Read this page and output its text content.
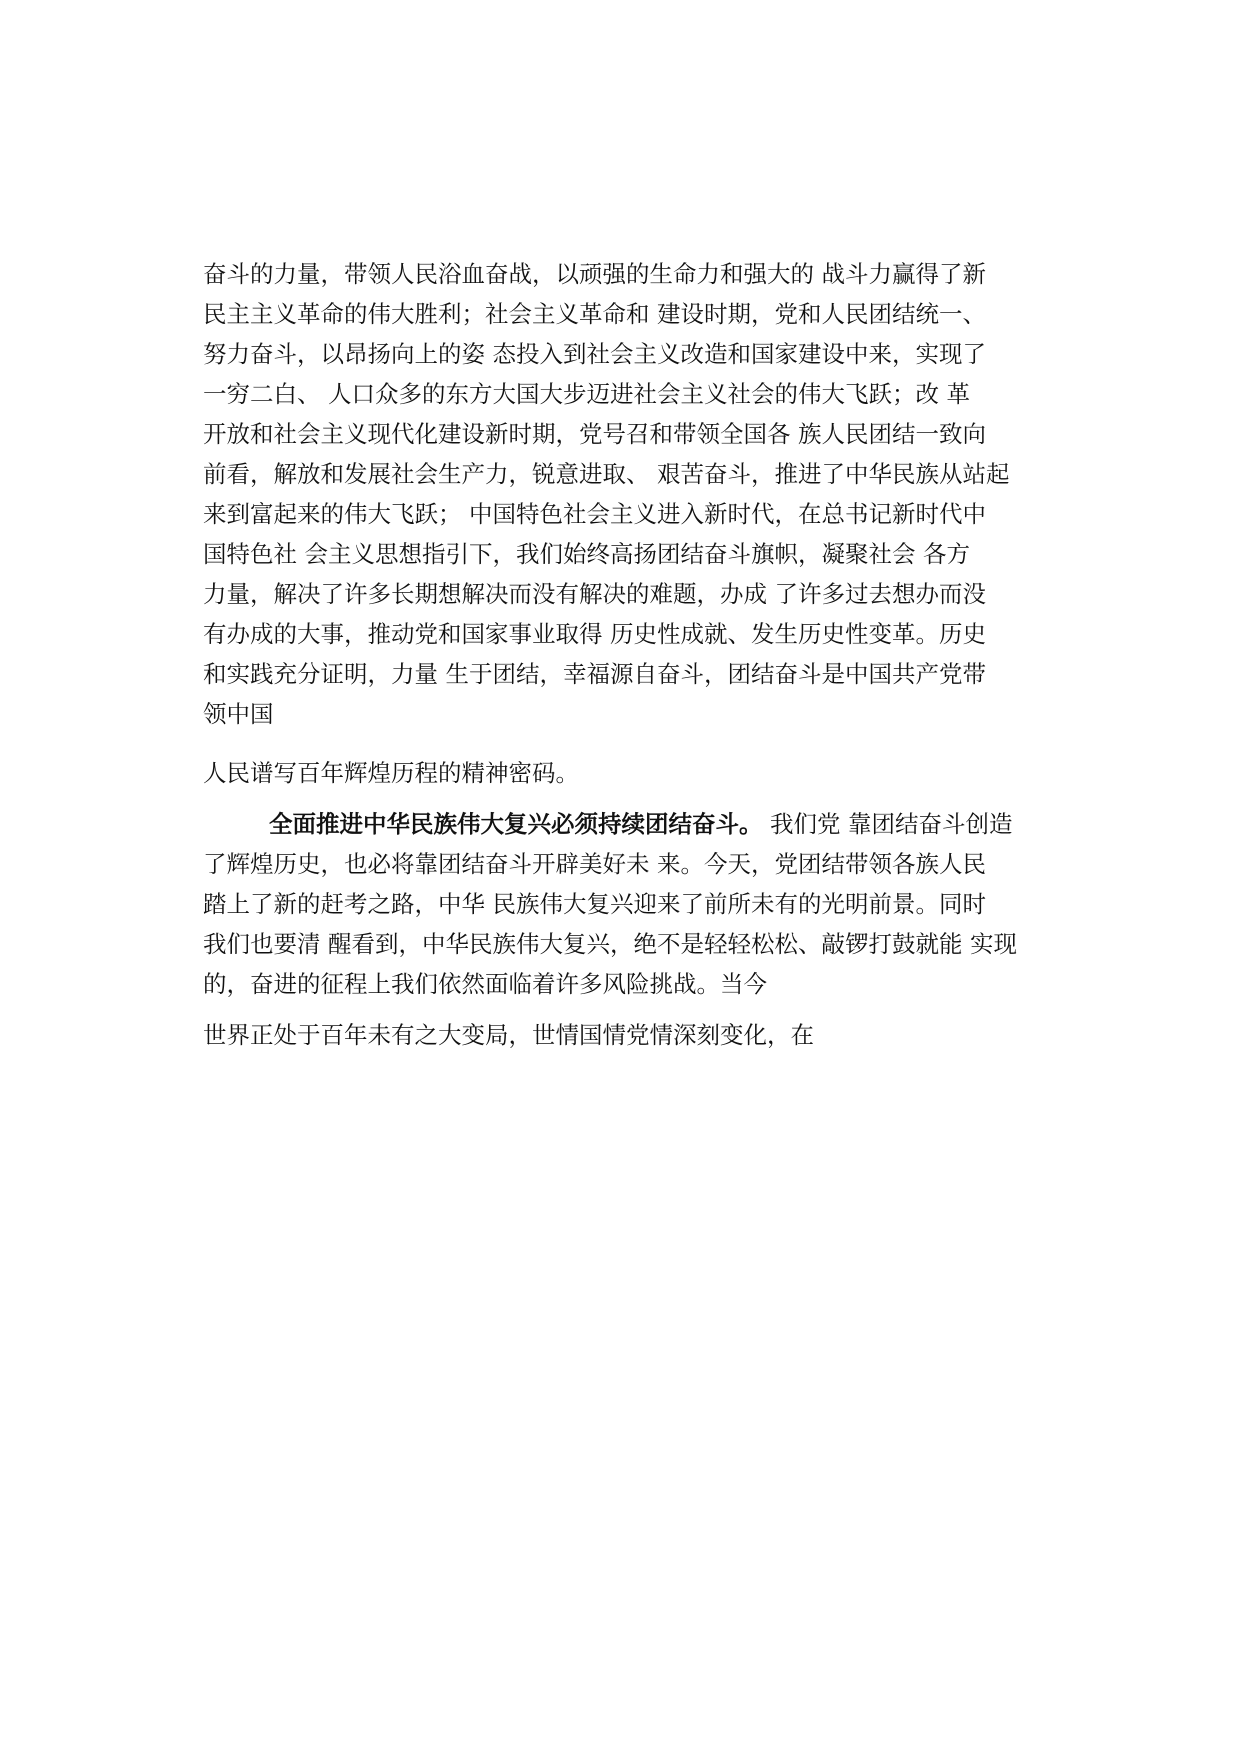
奋斗的力量，带领人民浴血奋战，以顽强的生命力和强大的 战斗力赢得了新
民主主义革命的伟大胜利；社会主义革命和 建设时期，党和人民团结统一、
努力奋斗，以昂扬向上的姿 态投入到社会主义改造和国家建设中来，实现了
一穷二白、 人口众多的东方大国大步迈进社会主义社会的伟大飞跃；改 革
开放和社会主义现代化建设新时期，党号召和带领全国各 族人民团结一致向
前看，解放和发展社会生产力，锐意进取、 艰苦奋斗，推进了中华民族从站起
来到富起来的伟大飞跃； 中国特色社会主义进入新时代，在总书记新时代中
国特色社 会主义思想指引下，我们始终高扬团结奋斗旗帜，凝聚社会 各方
力量，解决了许多长期想解决而没有解决的难题，办成 了许多过去想办而没
有办成的大事，推动党和国家事业取得 历史性成就、发生历史性变革。历史
和实践充分证明，力量 生于团结，幸福源自奋斗，团结奋斗是中国共产党带
领中国
人民谱写百年辉煌历程的精神密码。
全面推进中华民族伟大复兴必须持续团结奋斗。 我们党 靠团结奋斗创造
了辉煌历史，也必将靠团结奋斗开辟美好未 来。今天，党团结带领各族人民
踏上了新的赶考之路，中华 民族伟大复兴迎来了前所未有的光明前景。同时
我们也要清 醒看到，中华民族伟大复兴，绝不是轻轻松松、敲锣打鼓就能 实现
的，奋进的征程上我们依然面临着许多风险挑战。当今
世界正处于百年未有之大变局，世情国情党情深刻变化，在
